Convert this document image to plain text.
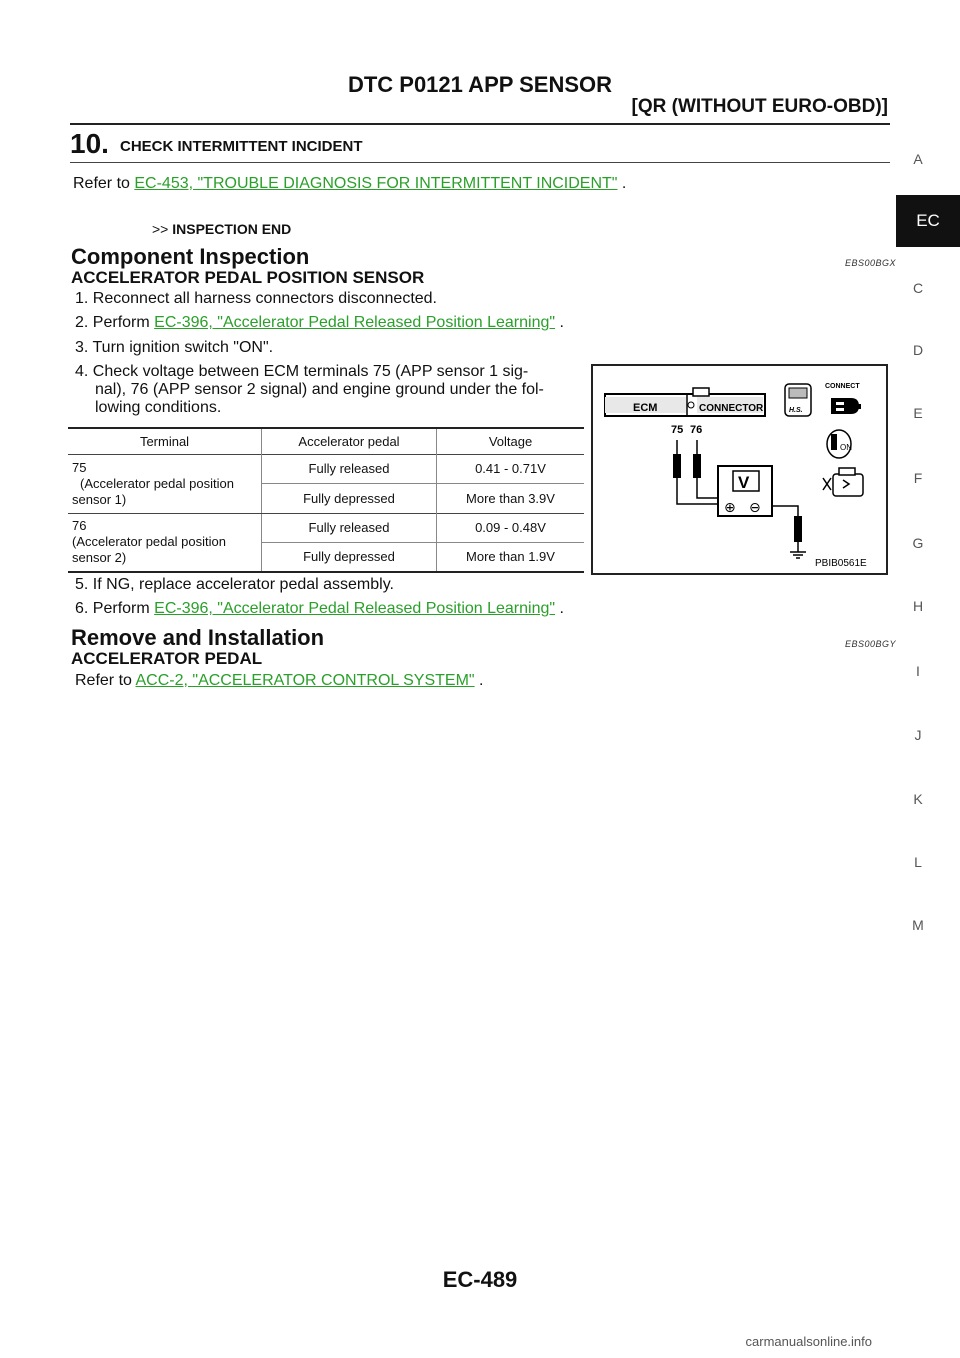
DTC P0121 APP SENSOR
[QR (WITHOUT EURO-OBD)]
EC
A
C
D
E
F
G
H
I
J
K
L
M
10. CHECK INTERMITTENT INCIDENT
Refer to EC-453, "TROUBLE DIAGNOSIS FOR INTERMITTENT INCIDENT" .
>> INSPECTION END
Component Inspection	EBS00BGX
ACCELERATOR PEDAL POSITION SENSOR
1. Reconnect all harness connectors disconnected.
2. Perform EC-396, "Accelerator Pedal Released Position Learning" .
3. Turn ignition switch "ON".
4. Check voltage between ECM terminals 75 (APP sensor 1 sig-
nal), 76 (APP sensor 2 signal) and engine ground under the fol-
lowing conditions.
Terminal	Accelerator pedal	Voltage

75
(Accelerator pedal position
sensor 1)	Fully released	0.41 - 0.71V
	Fully depressed	More than 3.9V

76
(Accelerator pedal position
sensor 2)	Fully released	0.09 - 0.48V
	Fully depressed	More than 1.9V
ECM	CONNECTOR
75 76
V
⊕ ⊖
H.S.
CONNECT
ON
PBIB0561E
5. If NG, replace accelerator pedal assembly.
6. Perform EC-396, "Accelerator Pedal Released Position Learning" .
Remove and Installation	EBS00BGY
ACCELERATOR PEDAL
Refer to ACC-2, "ACCELERATOR CONTROL SYSTEM" .
EC-489
carmanualsonline.info
